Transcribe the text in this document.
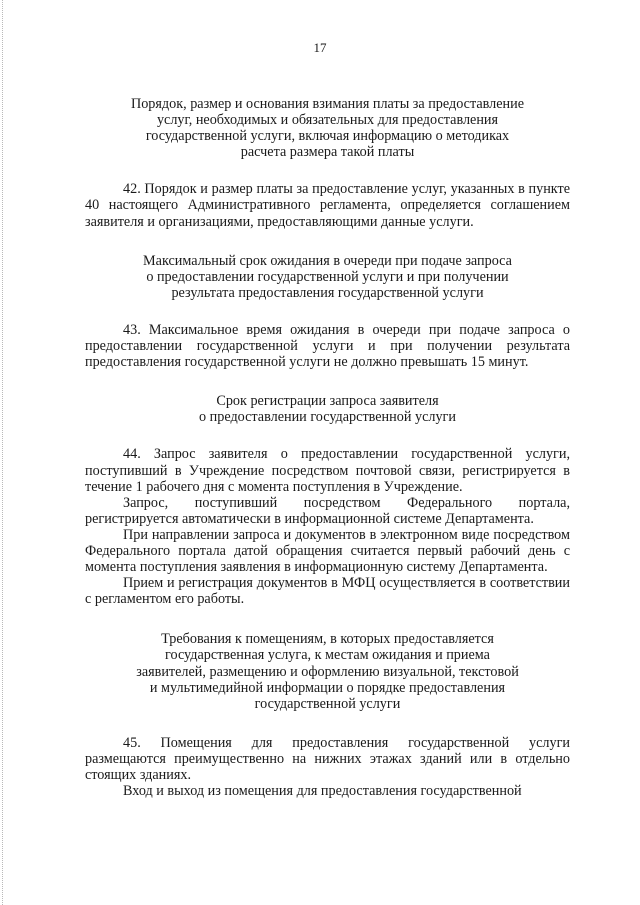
17
Порядок, размер и основания взимания платы за предоставление
услуг, необходимых и обязательных для предоставления
государственной услуги, включая информацию о методиках
расчета размера такой платы

42. Порядок и размер платы за предоставление услуг, указанных в пункте 40 настоящего Административного регламента, определяется соглашением заявителя и организациями, предоставляющими данные услуги.

Максимальный срок ожидания в очереди при подаче запроса
о предоставлении государственной услуги и при получении
результата предоставления государственной услуги

43. Максимальное время ожидания в очереди при подаче запроса о предоставлении государственной услуги и при получении результата предоставления государственной услуги не должно превышать 15 минут.

Срок регистрации запроса заявителя
о предоставлении государственной услуги

44. Запрос заявителя о предоставлении государственной услуги, поступивший в Учреждение посредством почтовой связи, регистрируется в течение 1 рабочего дня с момента поступления в Учреждение.

Запрос, поступивший посредством Федерального портала, регистрируется автоматически в информационной системе Департамента.

При направлении запроса и документов в электронном виде посредством Федерального портала датой обращения считается первый рабочий день с момента поступления заявления в информационную систему Департамента.

Прием и регистрация документов в МФЦ осуществляется в соответствии с регламентом его работы.

Требования к помещениям, в которых предоставляется
государственная услуга, к местам ожидания и приема
заявителей, размещению и оформлению визуальной, текстовой
и мультимедийной информации о порядке предоставления
государственной услуги

45. Помещения для предоставления государственной услуги размещаются преимущественно на нижних этажах зданий или в отдельно стоящих зданиях.

Вход и выход из помещения для предоставления государственной
